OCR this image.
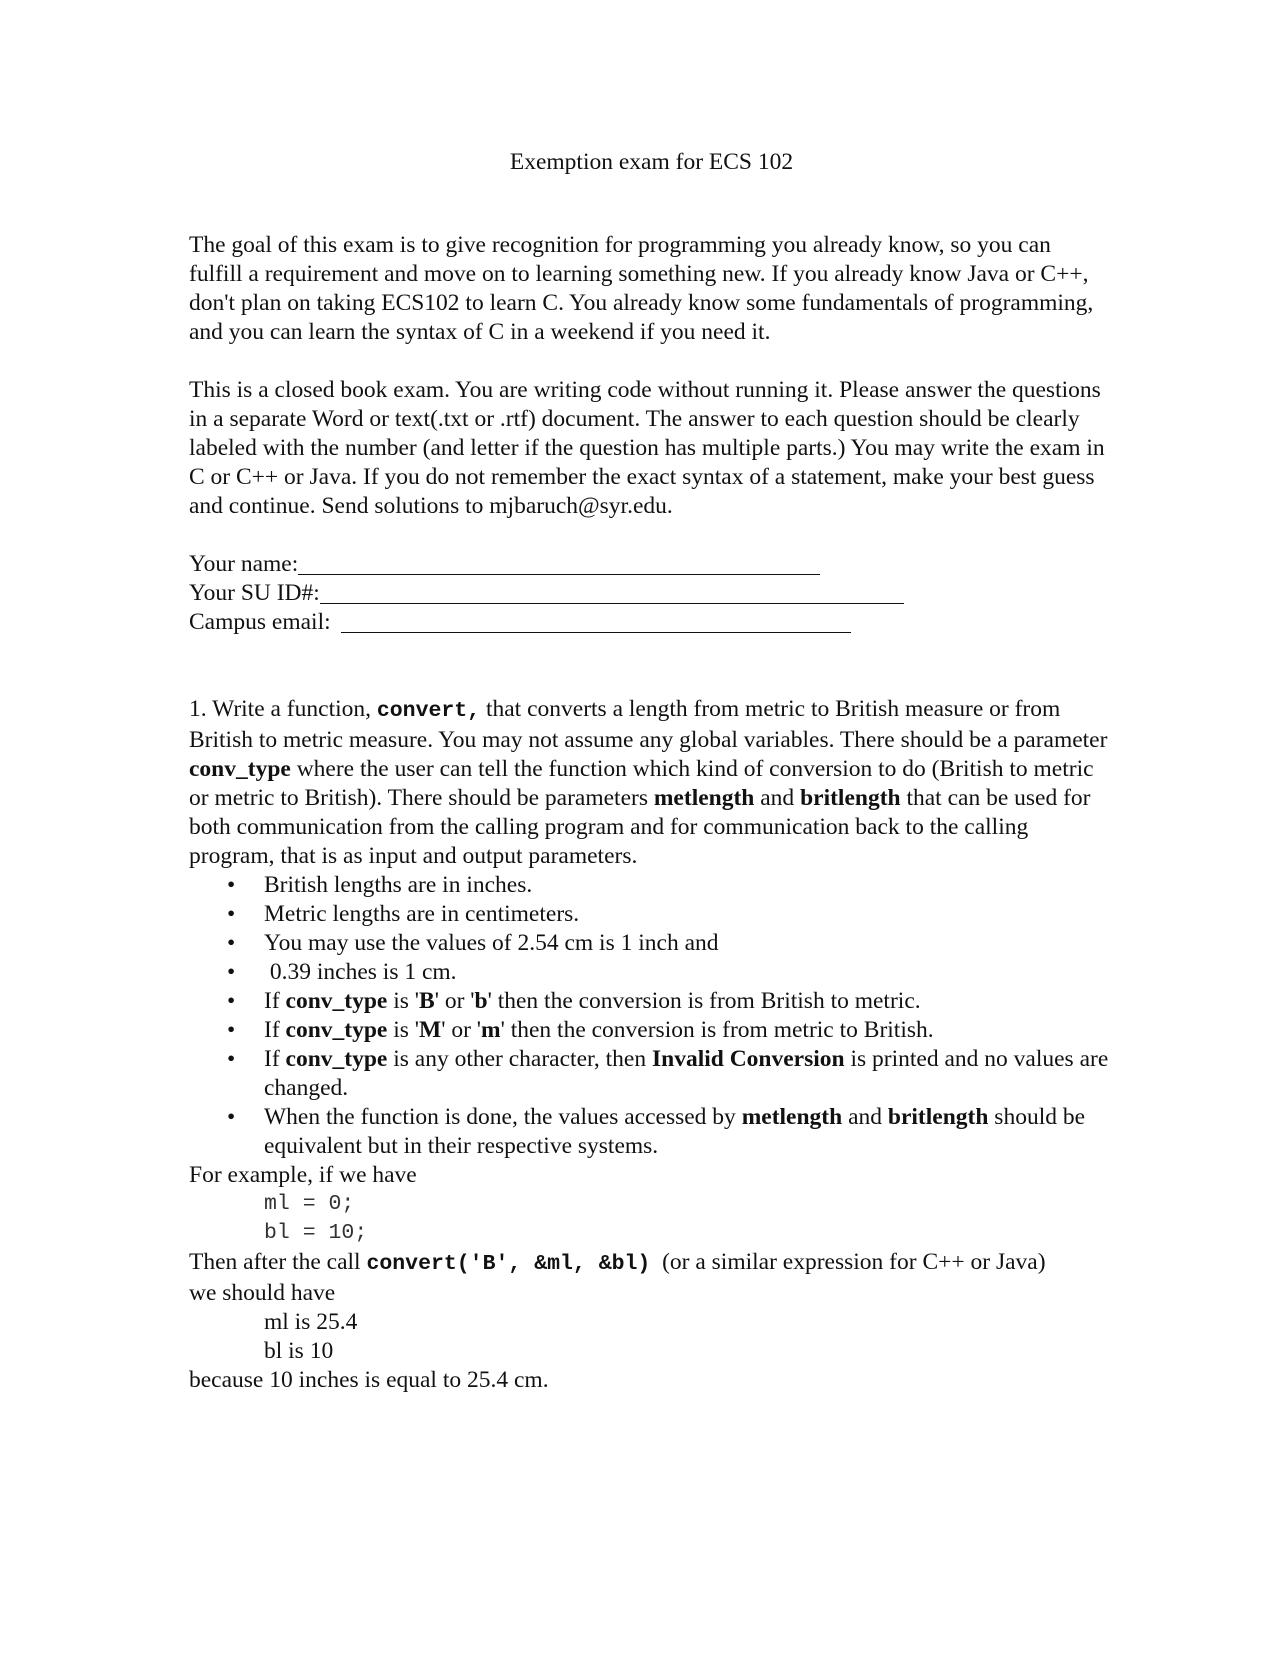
Exemption exam for ECS 102

The goal of this exam is to give recognition for programming you already know, so you can fulfill a requirement and move on to learning something new. If you already know Java or C++, don't plan on taking ECS102 to learn C. You already know some fundamentals of programming, and you can learn the syntax of C in a weekend if you need it.

This is a closed book exam. You are writing code without running it. Please answer the questions in a separate Word or text(.txt or .rtf) document. The answer to each question should be clearly labeled with the number (and letter if the question has multiple parts.) You may write the exam in C or C++ or Java. If you do not remember the exact syntax of a statement, make your best guess and continue. Send solutions to mjbaruch@syr.edu.

Your name:
Your SU ID#:
Campus email:

1. Write a function, convert, that converts a length from metric to British measure or from British to metric measure. You may not assume any global variables. There should be a parameter conv_type where the user can tell the function which kind of conversion to do (British to metric or metric to British). There should be parameters metlength and britlength that can be used for both communication from the calling program and for communication back to the calling program, that is as input and output parameters.

• British lengths are in inches.
• Metric lengths are in centimeters.
• You may use the values of 2.54 cm is 1 inch and
• 0.39 inches is 1 cm.
• If conv_type is 'B' or 'b' then the conversion is from British to metric.
• If conv_type is 'M' or 'm' then the conversion is from metric to British.
• If conv_type is any other character, then Invalid Conversion is printed and no values are changed.
• When the function is done, the values accessed by metlength and britlength should be equivalent but in their respective systems.

For example, if we have

ml = 0;

bl = 10;

Then after the call convert('B', &ml, &bl)  (or a similar expression for C++ or Java)

we should have

ml is 25.4

bl is 10

because 10 inches is equal to 25.4 cm.
